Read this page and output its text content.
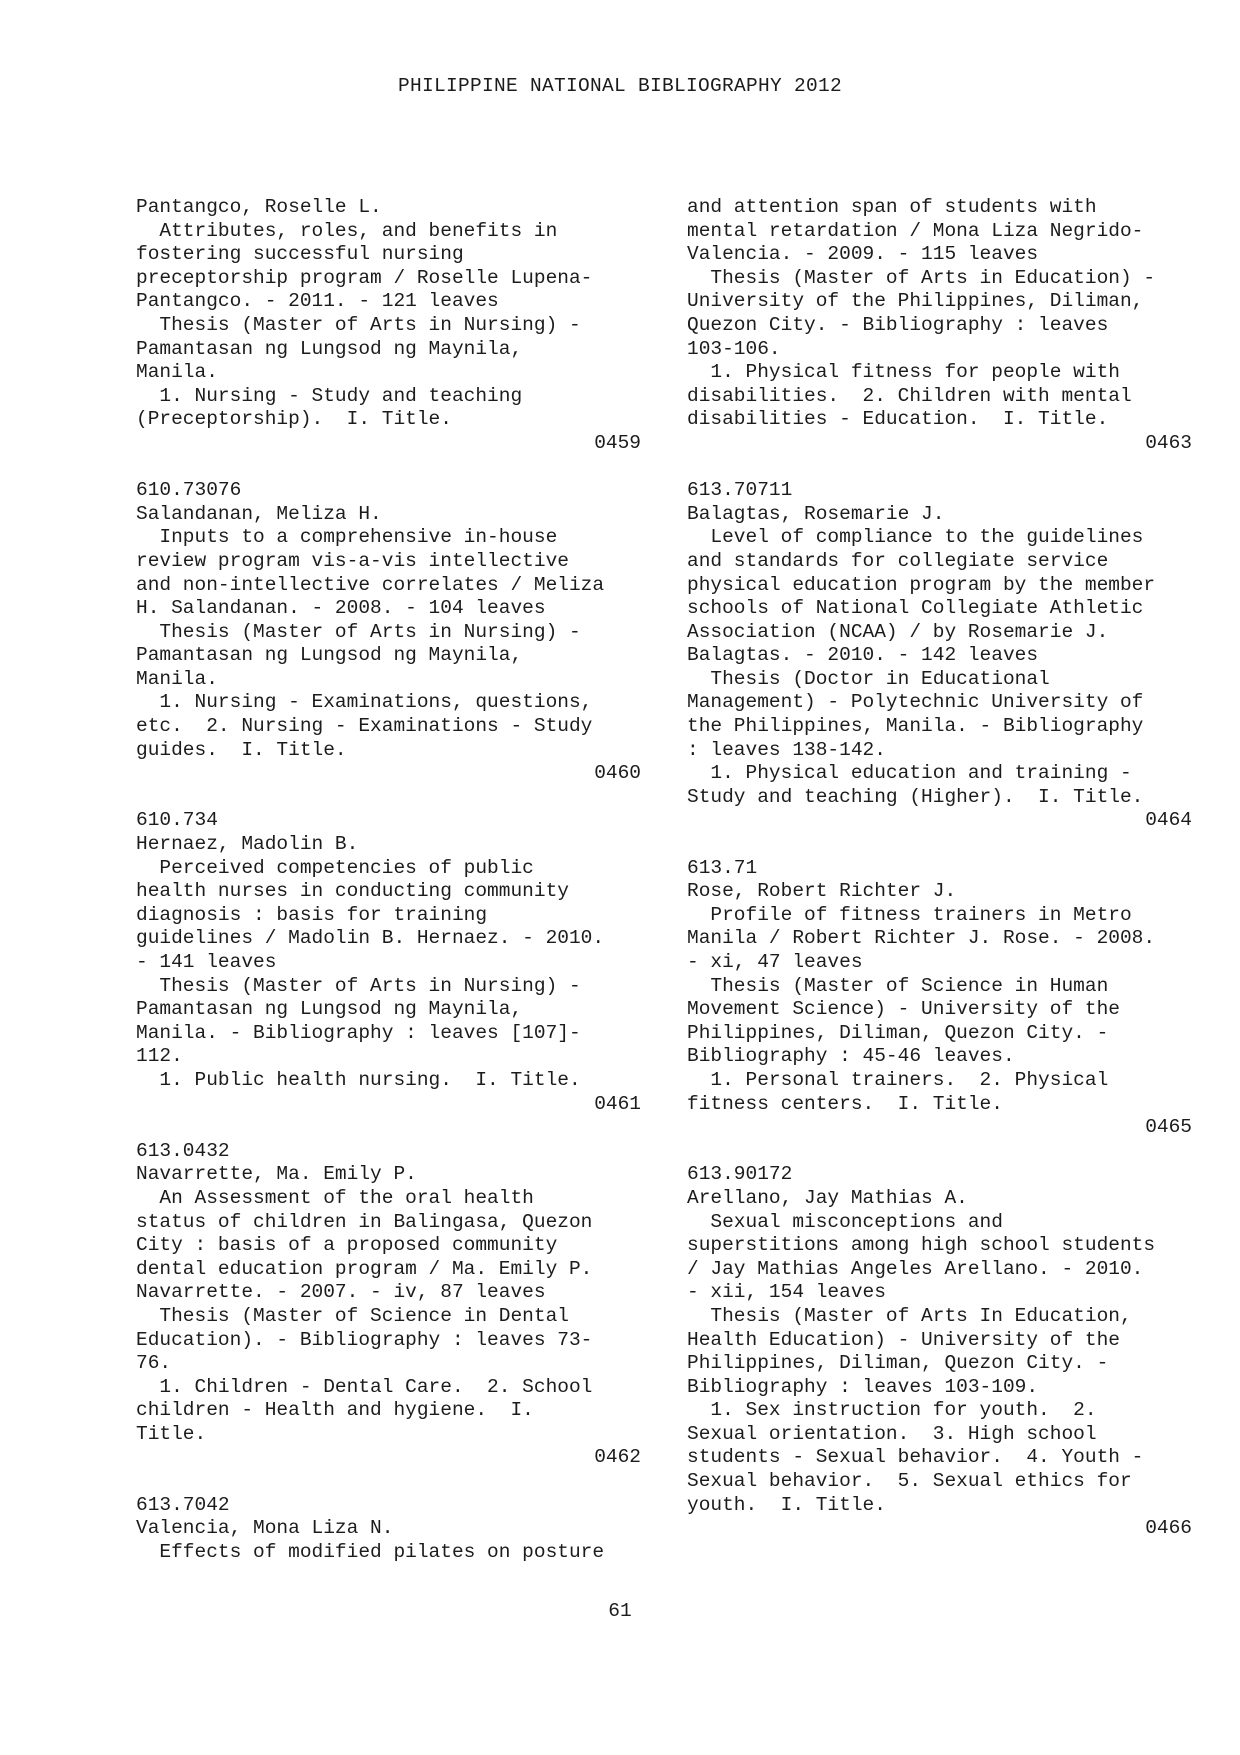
PHILIPPINE NATIONAL BIBLIOGRAPHY 2012
Pantangco, Roselle L.
Attributes, roles, and benefits in
fostering successful nursing
preceptorship program / Roselle Lupena-
Pantangco. - 2011. - 121 leaves
Thesis (Master of Arts in Nursing) -
Pamantasan ng Lungsod ng Maynila,
Manila.
1. Nursing - Study and teaching
(Preceptorship).  I. Title.
0459
610.73076
Salandanan, Meliza H.
Inputs to a comprehensive in-house
review program vis-a-vis intellective
and non-intellective correlates / Meliza
H. Salandanan. - 2008. - 104 leaves
Thesis (Master of Arts in Nursing) -
Pamantasan ng Lungsod ng Maynila,
Manila.
1. Nursing - Examinations, questions,
etc.  2. Nursing - Examinations - Study
guides.  I. Title.
0460
610.734
Hernaez, Madolin B.
Perceived competencies of public
health nurses in conducting community
diagnosis : basis for training
guidelines / Madolin B. Hernaez. - 2010.
- 141 leaves
Thesis (Master of Arts in Nursing) -
Pamantasan ng Lungsod ng Maynila,
Manila. - Bibliography : leaves [107]-
112.
1. Public health nursing.  I. Title.
0461
613.0432
Navarrette, Ma. Emily P.
An Assessment of the oral health
status of children in Balingasa, Quezon
City : basis of a proposed community
dental education program / Ma. Emily P.
Navarrette. - 2007. - iv, 87 leaves
Thesis (Master of Science in Dental
Education). - Bibliography : leaves 73-
76.
1. Children - Dental Care.  2. School
children - Health and hygiene.  I.
Title.
0462
613.7042
Valencia, Mona Liza N.
Effects of modified pilates on posture
and attention span of students with
mental retardation / Mona Liza Negrido-
Valencia. - 2009. - 115 leaves
Thesis (Master of Arts in Education) -
University of the Philippines, Diliman,
Quezon City. - Bibliography : leaves
103-106.
1. Physical fitness for people with
disabilities.  2. Children with mental
disabilities - Education.  I. Title.
0463
613.70711
Balagtas, Rosemarie J.
Level of compliance to the guidelines
and standards for collegiate service
physical education program by the member
schools of National Collegiate Athletic
Association (NCAA) / by Rosemarie J.
Balagtas. - 2010. - 142 leaves
Thesis (Doctor in Educational
Management) - Polytechnic University of
the Philippines, Manila. - Bibliography
: leaves 138-142.
1. Physical education and training -
Study and teaching (Higher).  I. Title.
0464
613.71
Rose, Robert Richter J.
Profile of fitness trainers in Metro
Manila / Robert Richter J. Rose. - 2008.
- xi, 47 leaves
Thesis (Master of Science in Human
Movement Science) - University of the
Philippines, Diliman, Quezon City. -
Bibliography : 45-46 leaves.
1. Personal trainers.  2. Physical
fitness centers.  I. Title.
0465
613.90172
Arellano, Jay Mathias A.
Sexual misconceptions and
superstitions among high school students
/ Jay Mathias Angeles Arellano. - 2010.
- xii, 154 leaves
Thesis (Master of Arts In Education,
Health Education) - University of the
Philippines, Diliman, Quezon City. -
Bibliography : leaves 103-109.
1. Sex instruction for youth.  2.
Sexual orientation.  3. High school
students - Sexual behavior.  4. Youth -
Sexual behavior.  5. Sexual ethics for
youth.  I. Title.
0466
61
